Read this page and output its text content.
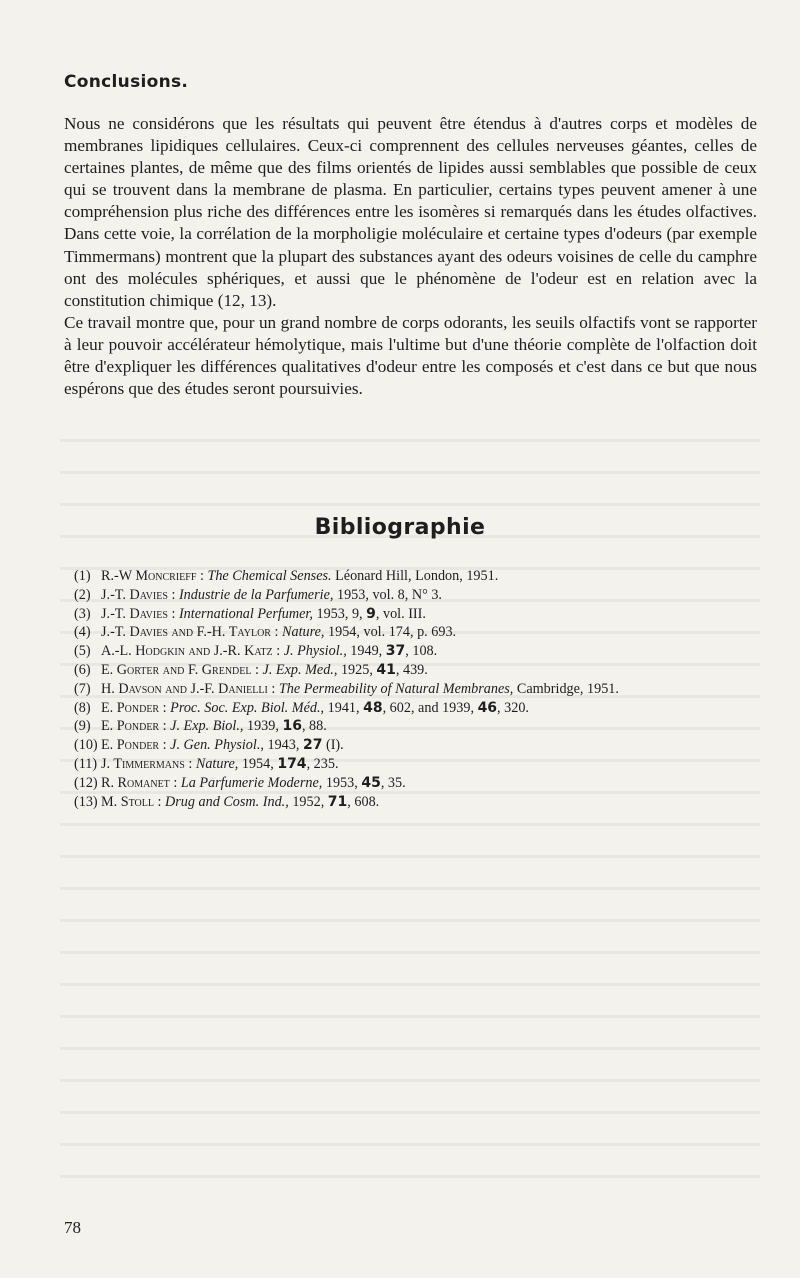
Conclusions.

Nous ne considérons que les résultats qui peuvent être étendus à d'autres corps et modèles de membranes lipidiques cellulaires. Ceux-ci comprennent des cellules nerveuses géantes, celles de certaines plantes, de même que des films orientés de lipides aussi semblables que possible de ceux qui se trouvent dans la membrane de plasma. En particulier, certains types peuvent amener à une compréhension plus riche des différences entre les isomères si remarqués dans les études olfactives. Dans cette voie, la corrélation de la morpholigie moléculaire et certaine types d'odeurs (par exemple Timmermans) montrent que la plupart des substances ayant des odeurs voisines de celle du camphre ont des molécules sphériques, et aussi que le phénomène de l'odeur est en relation avec la constitution chimique (12, 13).

Ce travail montre que, pour un grand nombre de corps odorants, les seuils olfactifs vont se rapporter à leur pouvoir accélérateur hémolytique, mais l'ultime but d'une théorie complète de l'olfaction doit être d'expliquer les différences qualitatives d'odeur entre les composés et c'est dans ce but que nous espérons que des études seront poursuivies.

Bibliographie
(1) R.-W Moncrieff : The Chemical Senses. Léonard Hill, London, 1951.
(2) J.-T. Davies : Industrie de la Parfumerie, 1953, vol. 8, N° 3.
(3) J.-T. Davies : International Perfumer, 1953, 9, 9, vol. III.
(4) J.-T. Davies and F.-H. Taylor : Nature, 1954, vol. 174, p. 693.
(5) A.-L. Hodgkin and J.-R. Katz : J. Physiol., 1949, 37, 108.
(6) E. Gorter and F. Grendel : J. Exp. Med., 1925, 41, 439.
(7) H. Davson and J.-F. Danielli : The Permeability of Natural Membranes, Cambridge, 1951.
(8) E. Ponder : Proc. Soc. Exp. Biol. Méd., 1941, 48, 602, and 1939, 46, 320.
(9) E. Ponder : J. Exp. Biol., 1939, 16, 88.
(10) E. Ponder : J. Gen. Physiol., 1943, 27 (I).
(11) J. Timmermans : Nature, 1954, 174, 235.
(12) R. Romanet : La Parfumerie Moderne, 1953, 45, 35.
(13) M. Stoll : Drug and Cosm. Ind., 1952, 71, 608.
78
